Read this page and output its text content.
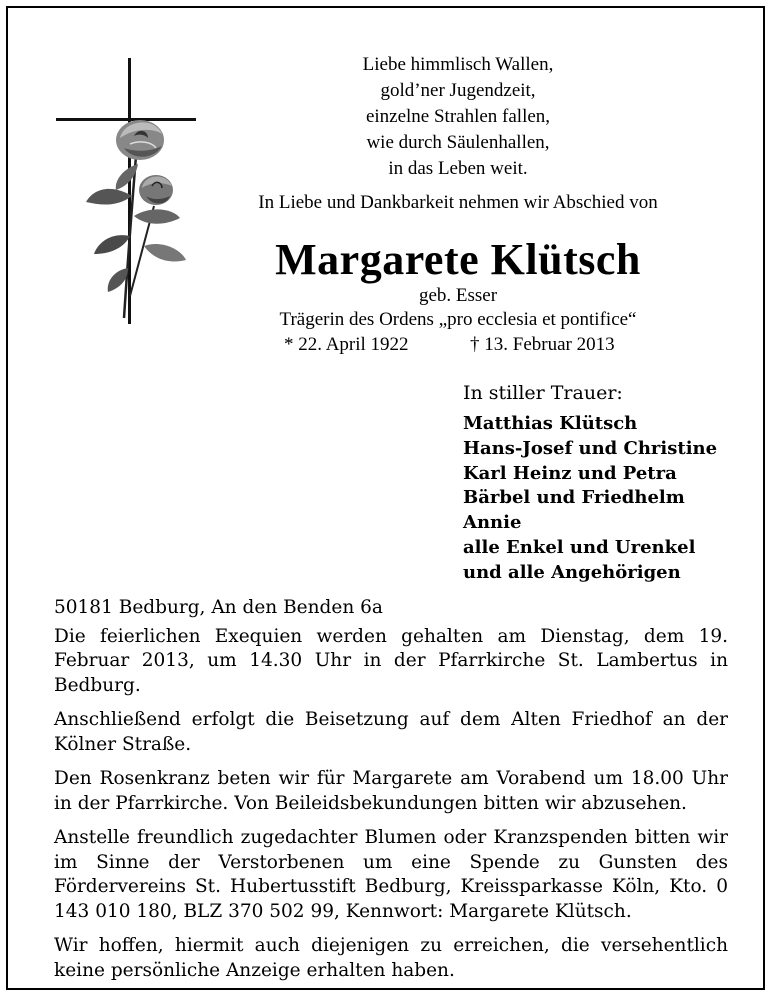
Liebe himmlisch Wallen,
gold’ner Jugendzeit,
einzelne Strahlen fallen,
wie durch Säulenhallen,
in das Leben weit.
In Liebe und Dankbarkeit nehmen wir Abschied von
Margarete Klütsch
geb. Esser
Trägerin des Ordens „pro ecclesia et pontifice“
* 22. April 1922	† 13. Februar 2013
In stiller Trauer:
Matthias Klütsch
Hans-Josef und Christine
Karl Heinz und Petra
Bärbel und Friedhelm
Annie
alle Enkel und Urenkel
und alle Angehörigen

50181 Bedburg, An den Benden 6a

Die feierlichen Exequien werden gehalten am Dienstag, dem 19. Februar 2013, um 14.30 Uhr in der Pfarrkirche St. Lambertus in Bedburg.

Anschließend erfolgt die Beisetzung auf dem Alten Friedhof an der Kölner Straße.

Den Rosenkranz beten wir für Margarete am Vorabend um 18.00 Uhr in der Pfarrkirche. Von Beileidsbekundungen bitten wir abzusehen.

Anstelle freundlich zugedachter Blumen oder Kranzspenden bitten wir im Sinne der Verstorbenen um eine Spende zu Gunsten des Fördervereins St. Hubertusstift Bedburg, Kreissparkasse Köln, Kto. 0 143 010 180, BLZ 370 502 99, Kennwort: Margarete Klütsch.

Wir hoffen, hiermit auch diejenigen zu erreichen, die versehentlich keine persönliche Anzeige erhalten haben.
